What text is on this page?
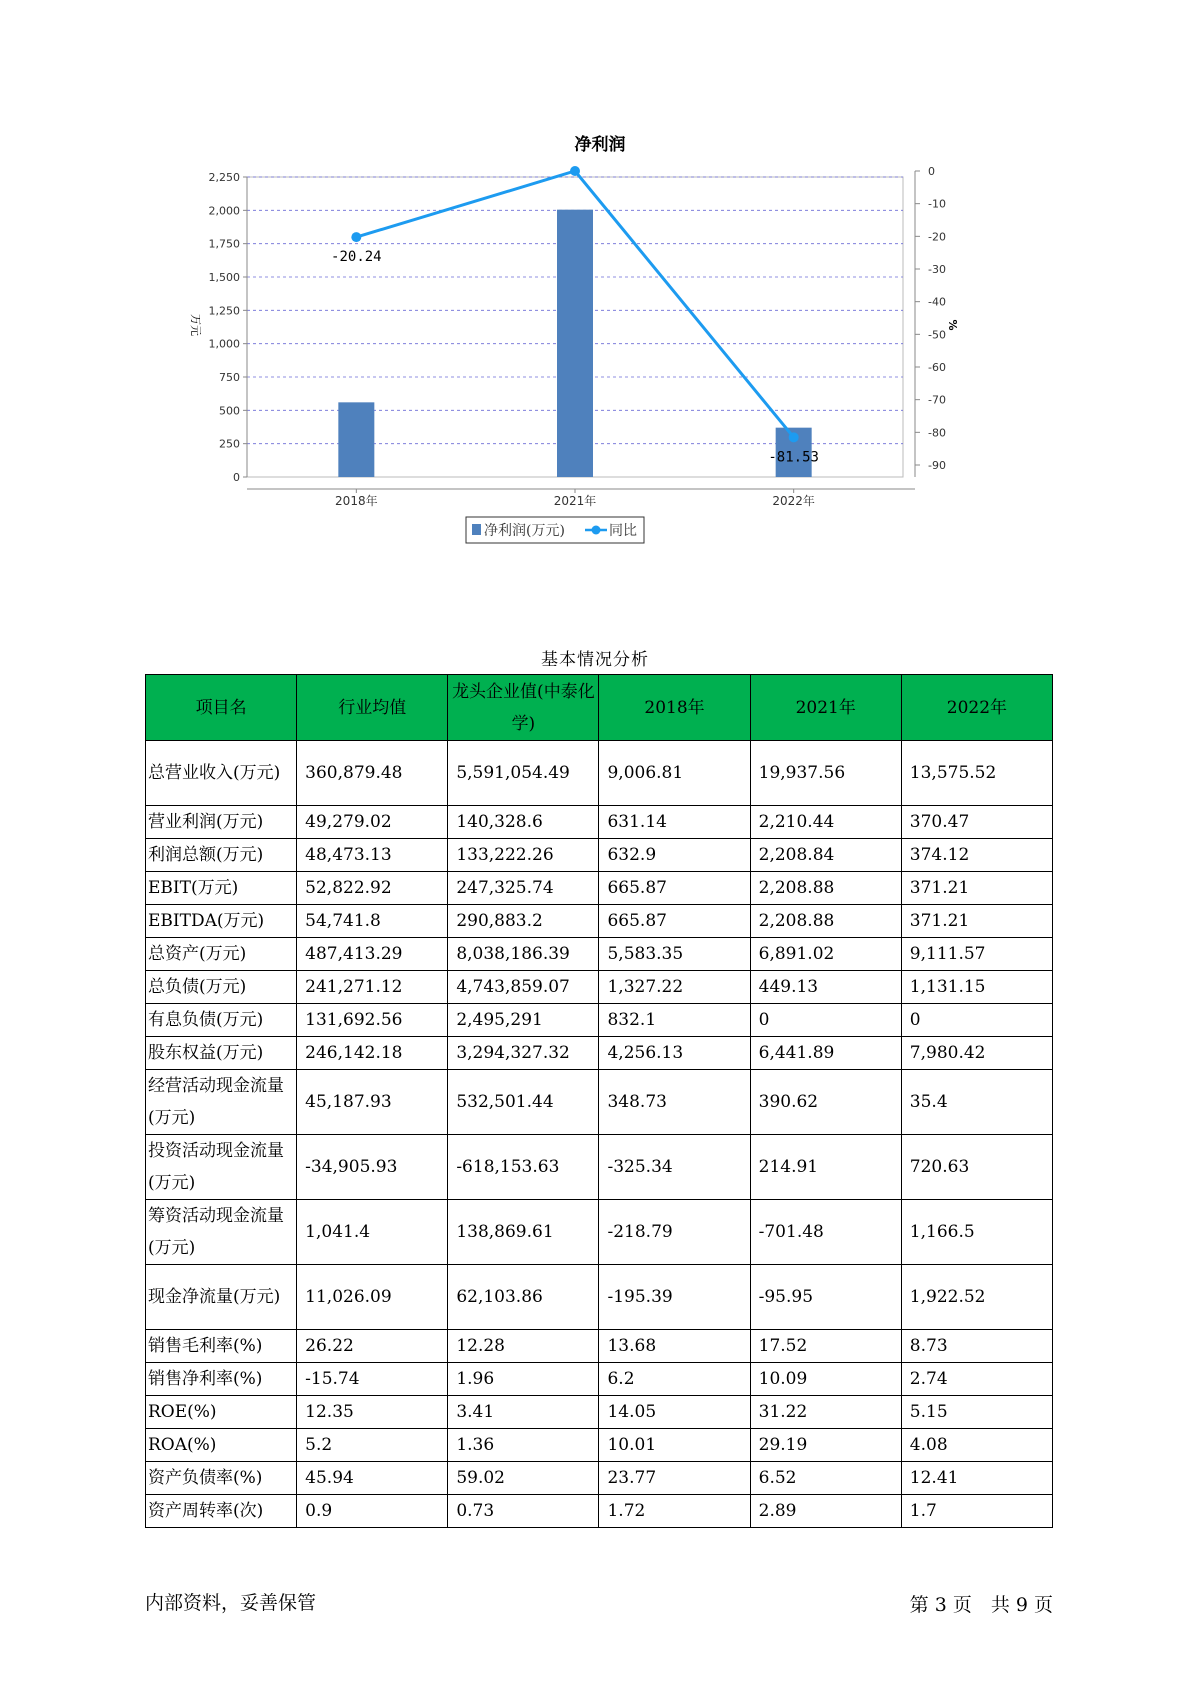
净利润
0
250
500
750
1,000
1,250
1,500
1,750
2,000
2,250	0
-10
-20
-30
-40
-50
-60
-70
-80
-90
-20.24
-81.53
2018年	2021年	2022年
万元	%
净利润(万元)	同比
基本情况分析
项目名	行业均值	龙头企业值(中泰化学)	2018年	2021年	2022年
总营业收入(万元)	360,879.48	5,591,054.49	9,006.81	19,937.56	13,575.52
营业利润(万元)	49,279.02	140,328.6	631.14	2,210.44	370.47
利润总额(万元)	48,473.13	133,222.26	632.9	2,208.84	374.12
EBIT(万元)	52,822.92	247,325.74	665.87	2,208.88	371.21
EBITDA(万元)	54,741.8	290,883.2	665.87	2,208.88	371.21
总资产(万元)	487,413.29	8,038,186.39	5,583.35	6,891.02	9,111.57
总负债(万元)	241,271.12	4,743,859.07	1,327.22	449.13	1,131.15
有息负债(万元)	131,692.56	2,495,291	832.1	0	0
股东权益(万元)	246,142.18	3,294,327.32	4,256.13	6,441.89	7,980.42
经营活动现金流量(万元)	45,187.93	532,501.44	348.73	390.62	35.4
投资活动现金流量(万元)	-34,905.93	-618,153.63	-325.34	214.91	720.63
筹资活动现金流量(万元)	1,041.4	138,869.61	-218.79	-701.48	1,166.5
现金净流量(万元)	11,026.09	62,103.86	-195.39	-95.95	1,922.52
销售毛利率(%)	26.22	12.28	13.68	17.52	8.73
销售净利率(%)	-15.74	1.96	6.2	10.09	2.74
ROE(%)	12.35	3.41	14.05	31.22	5.15
ROA(%)	5.2	1.36	10.01	29.19	4.08
资产负债率(%)	45.94	59.02	23.77	6.52	12.41
资产周转率(次)	0.9	0.73	1.72	2.89	1.7
内部资料，妥善保管	第 3 页　共 9 页
